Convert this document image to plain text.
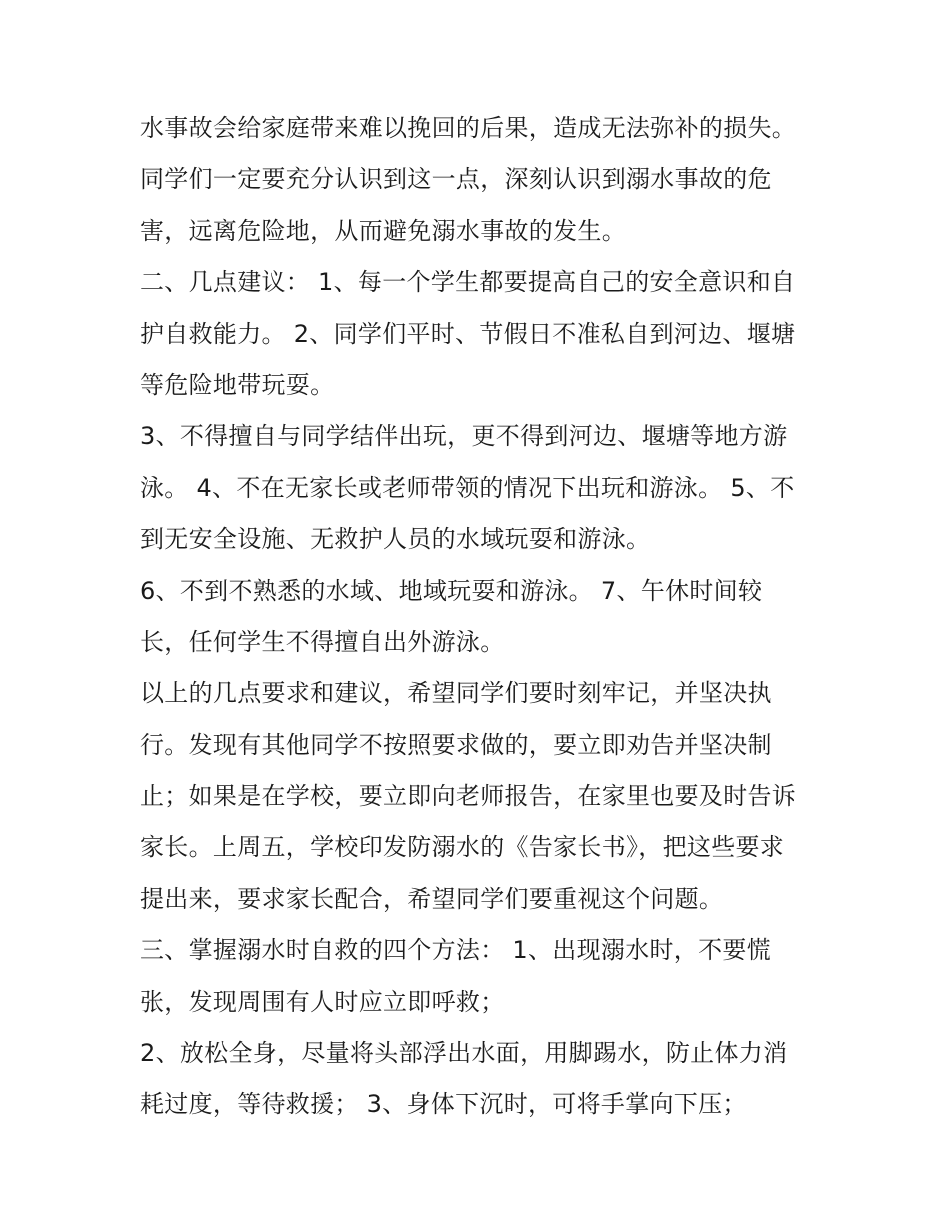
水事故会给家庭带来难以挽回的后果，造成无法弥补的损失。
同学们一定要充分认识到这一点，深刻认识到溺水事故的危
害，远离危险地，从而避免溺水事故的发生。
二、几点建议： 1、每一个学生都要提高自己的安全意识和自
护自救能力。 2、同学们平时、节假日不准私自到河边、堰塘
等危险地带玩耍。
3、不得擅自与同学结伴出玩，更不得到河边、堰塘等地方游
泳。 4、不在无家长或老师带领的情况下出玩和游泳。 5、不
到无安全设施、无救护人员的水域玩耍和游泳。
6、不到不熟悉的水域、地域玩耍和游泳。 7、午休时间较
长，任何学生不得擅自出外游泳。
以上的几点要求和建议，希望同学们要时刻牢记，并坚决执
行。发现有其他同学不按照要求做的，要立即劝告并坚决制
止；如果是在学校，要立即向老师报告，在家里也要及时告诉
家长。上周五，学校印发防溺水的《告家长书》，把这些要求
提出来，要求家长配合，希望同学们要重视这个问题。
三、掌握溺水时自救的四个方法： 1、出现溺水时，不要慌
张，发现周围有人时应立即呼救；
2、放松全身，尽量将头部浮出水面，用脚踢水，防止体力消
耗过度，等待救援； 3、身体下沉时，可将手掌向下压；
